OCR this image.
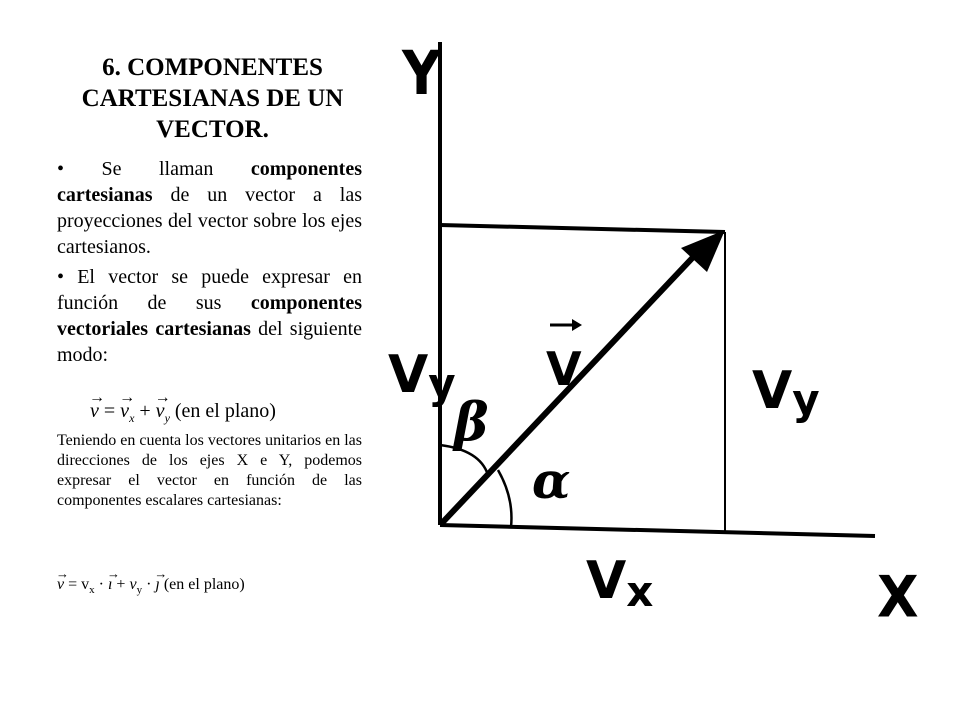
6. COMPONENTES CARTESIANAS DE UN VECTOR.
• Se llaman componentes cartesianas de un vector a las proyecciones del vector sobre los ejes cartesianos.
• El vector se puede expresar en función de sus componentes vectoriales cartesianas del siguiente modo:
→ v = → $v_x$ + → $v_y$ (en el plano)
Teniendo en cuenta los vectores unitarios en las direcciones de los ejes X e Y, podemos expresar el vector en función de las componentes escalares cartesianas:
→ $v = v_x$ · → ı + $v_y$ · → ȷ (en el plano)
Y
X
Vy	Vy
Vx
V
β
α
